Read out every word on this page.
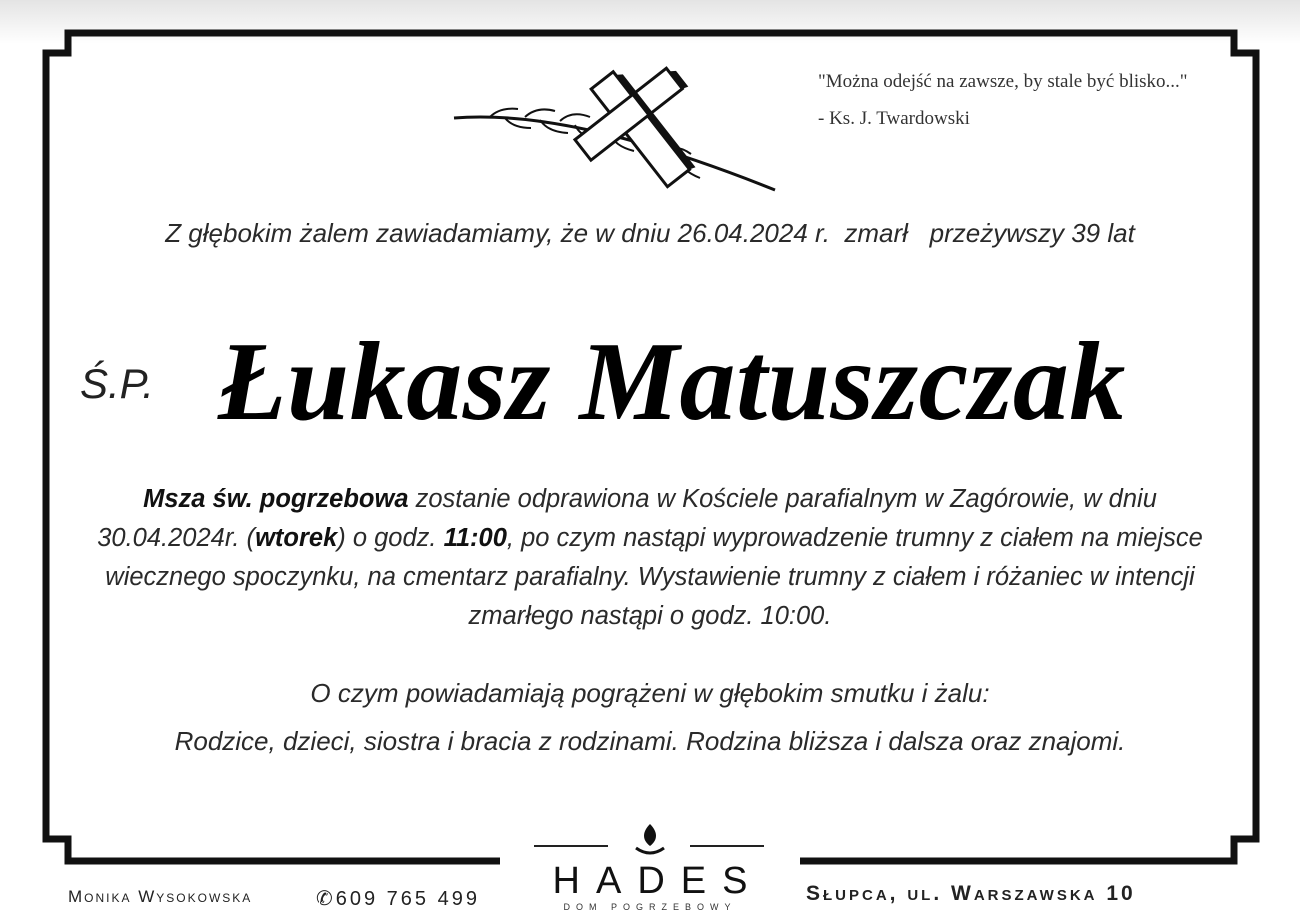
"Można odejść na zawsze, by stale być blisko..."
- Ks. J. Twardowski
Z głębokim żalem zawiadamiamy, że w dniu 26.04.2024 r.  zmarł   przeżywszy 39 lat
Ś.P. Łukasz Matuszczak
Msza św. pogrzebowa zostanie odprawiona w Kościele parafialnym w Zagórowie, w dniu 30.04.2024r. (wtorek) o godz. 11:00, po czym nastąpi wyprowadzenie trumny z ciałem na miejsce wiecznego spoczynku, na cmentarz parafialny. Wystawienie trumny z ciałem i różaniec w intencji zmarłego nastąpi o godz. 10:00.
O czym powiadamiają pogrążeni w głębokim smutku i żalu:
Rodzice, dzieci, siostra i bracia z rodzinami. Rodzina bliższa i dalsza oraz znajomi.
Monika Wysokowska	✆609 765 499	HADES
DOM POGRZEBOWY
Słupca, ul. Warszawska 10
